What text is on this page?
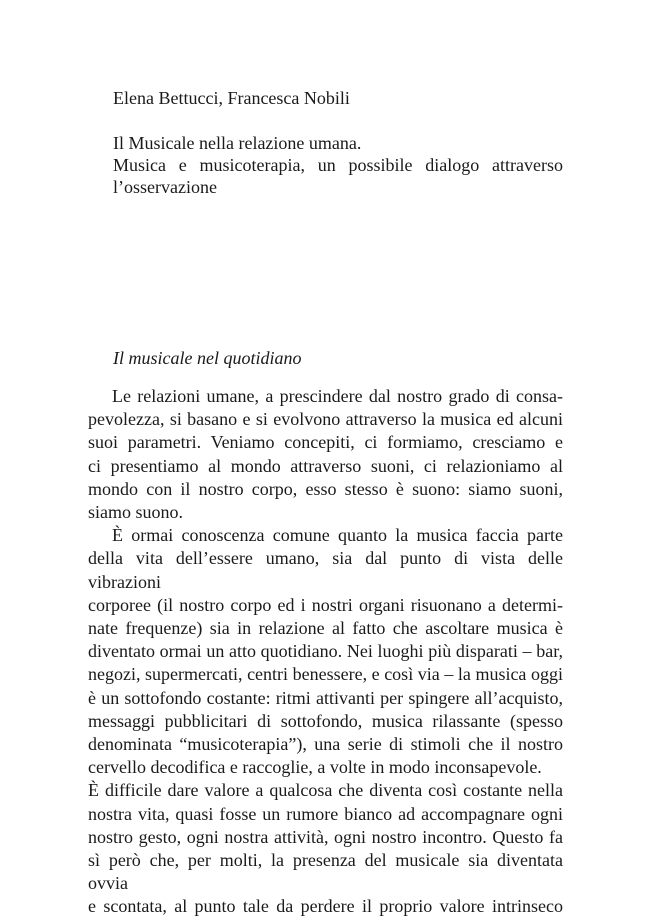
Elena Bettucci, Francesca Nobili

Il Musicale nella relazione umana.

Musica e musicoterapia, un possibile dialogo attraverso
l’osservazione

Il musicale nel quotidiano

Le relazioni umane, a prescindere dal nostro grado di consa-
pevolezza, si basano e si evolvono attraverso la musica ed alcuni
suoi parametri. Veniamo concepiti, ci formiamo, cresciamo e
ci presentiamo al mondo attraverso suoni, ci relazioniamo al
mondo con il nostro corpo, esso stesso è suono: siamo suoni,
siamo suono.

È ormai conoscenza comune quanto la musica faccia parte
della vita dell’essere umano, sia dal punto di vista delle vibrazioni
corporee (il nostro corpo ed i nostri organi risuonano a determi-
nate frequenze) sia in relazione al fatto che ascoltare musica è
diventato ormai un atto quotidiano. Nei luoghi più disparati – bar,
negozi, supermercati, centri benessere, e così via – la musica oggi
è un sottofondo costante: ritmi attivanti per spingere all’acquisto,
messaggi pubblicitari di sottofondo, musica rilassante (spesso
denominata “musicoterapia”), una serie di stimoli che il nostro
cervello decodifica e raccoglie, a volte in modo inconsapevole.
È difficile dare valore a qualcosa che diventa così costante nella
nostra vita, quasi fosse un rumore bianco ad accompagnare ogni
nostro gesto, ogni nostra attività, ogni nostro incontro. Questo fa
sì però che, per molti, la presenza del musicale sia diventata ovvia
e scontata, al punto tale da perdere il proprio valore intrinseco
